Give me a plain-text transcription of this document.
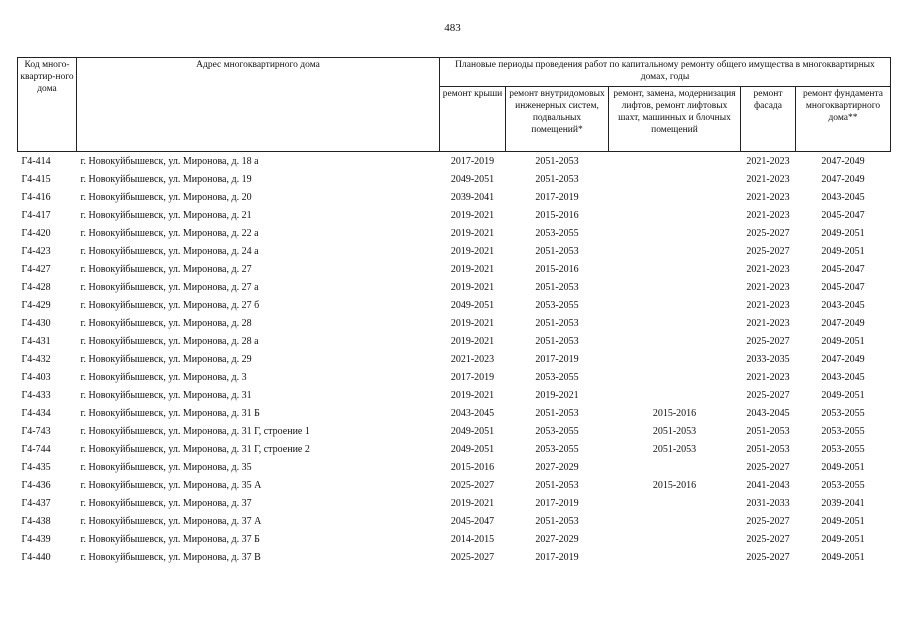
483
Код много-квартир-ного дома	Адрес многоквартирного дома	Плановые периоды проведения работ по капитальному ремонту общего имущества в многоквартирных домах, годы				
		ремонт крыши	ремонт внутридомовых инженерных систем, подвальных помещений*	ремонт, замена, модернизация лифтов, ремонт лифтовых шахт, машинных и блочных помещений	ремонт фасада	ремонт фундамента многоквартирного дома**
Г4-414	г. Новокуйбышевск, ул. Миронова, д. 18 а	2017-2019	2051-2053		2021-2023	2047-2049
Г4-415	г. Новокуйбышевск, ул. Миронова, д. 19	2049-2051	2051-2053		2021-2023	2047-2049
Г4-416	г. Новокуйбышевск, ул. Миронова, д. 20	2039-2041	2017-2019		2021-2023	2043-2045
Г4-417	г. Новокуйбышевск, ул. Миронова, д. 21	2019-2021	2015-2016		2021-2023	2045-2047
Г4-420	г. Новокуйбышевск, ул. Миронова, д. 22 а	2019-2021	2053-2055		2025-2027	2049-2051
Г4-423	г. Новокуйбышевск, ул. Миронова, д. 24 а	2019-2021	2051-2053		2025-2027	2049-2051
Г4-427	г. Новокуйбышевск, ул. Миронова, д. 27	2019-2021	2015-2016		2021-2023	2045-2047
Г4-428	г. Новокуйбышевск, ул. Миронова, д. 27 а	2019-2021	2051-2053		2021-2023	2045-2047
Г4-429	г. Новокуйбышевск, ул. Миронова, д. 27 б	2049-2051	2053-2055		2021-2023	2043-2045
Г4-430	г. Новокуйбышевск, ул. Миронова, д. 28	2019-2021	2051-2053		2021-2023	2047-2049
Г4-431	г. Новокуйбышевск, ул. Миронова, д. 28 а	2019-2021	2051-2053		2025-2027	2049-2051
Г4-432	г. Новокуйбышевск, ул. Миронова, д. 29	2021-2023	2017-2019		2033-2035	2047-2049
Г4-403	г. Новокуйбышевск, ул. Миронова, д. 3	2017-2019	2053-2055		2021-2023	2043-2045
Г4-433	г. Новокуйбышевск, ул. Миронова, д. 31	2019-2021	2019-2021		2025-2027	2049-2051
Г4-434	г. Новокуйбышевск, ул. Миронова, д. 31 Б	2043-2045	2051-2053	2015-2016	2043-2045	2053-2055
Г4-743	г. Новокуйбышевск, ул. Миронова, д. 31 Г, строение 1	2049-2051	2053-2055	2051-2053	2051-2053	2053-2055
Г4-744	г. Новокуйбышевск, ул. Миронова, д. 31 Г, строение 2	2049-2051	2053-2055	2051-2053	2051-2053	2053-2055
Г4-435	г. Новокуйбышевск, ул. Миронова, д. 35	2015-2016	2027-2029		2025-2027	2049-2051
Г4-436	г. Новокуйбышевск, ул. Миронова, д. 35 А	2025-2027	2051-2053	2015-2016	2041-2043	2053-2055
Г4-437	г. Новокуйбышевск, ул. Миронова, д. 37	2019-2021	2017-2019		2031-2033	2039-2041
Г4-438	г. Новокуйбышевск, ул. Миронова, д. 37 А	2045-2047	2051-2053		2025-2027	2049-2051
Г4-439	г. Новокуйбышевск, ул. Миронова, д. 37 Б	2014-2015	2027-2029		2025-2027	2049-2051
Г4-440	г. Новокуйбышевск, ул. Миронова, д. 37 В	2025-2027	2017-2019		2025-2027	2049-2051
